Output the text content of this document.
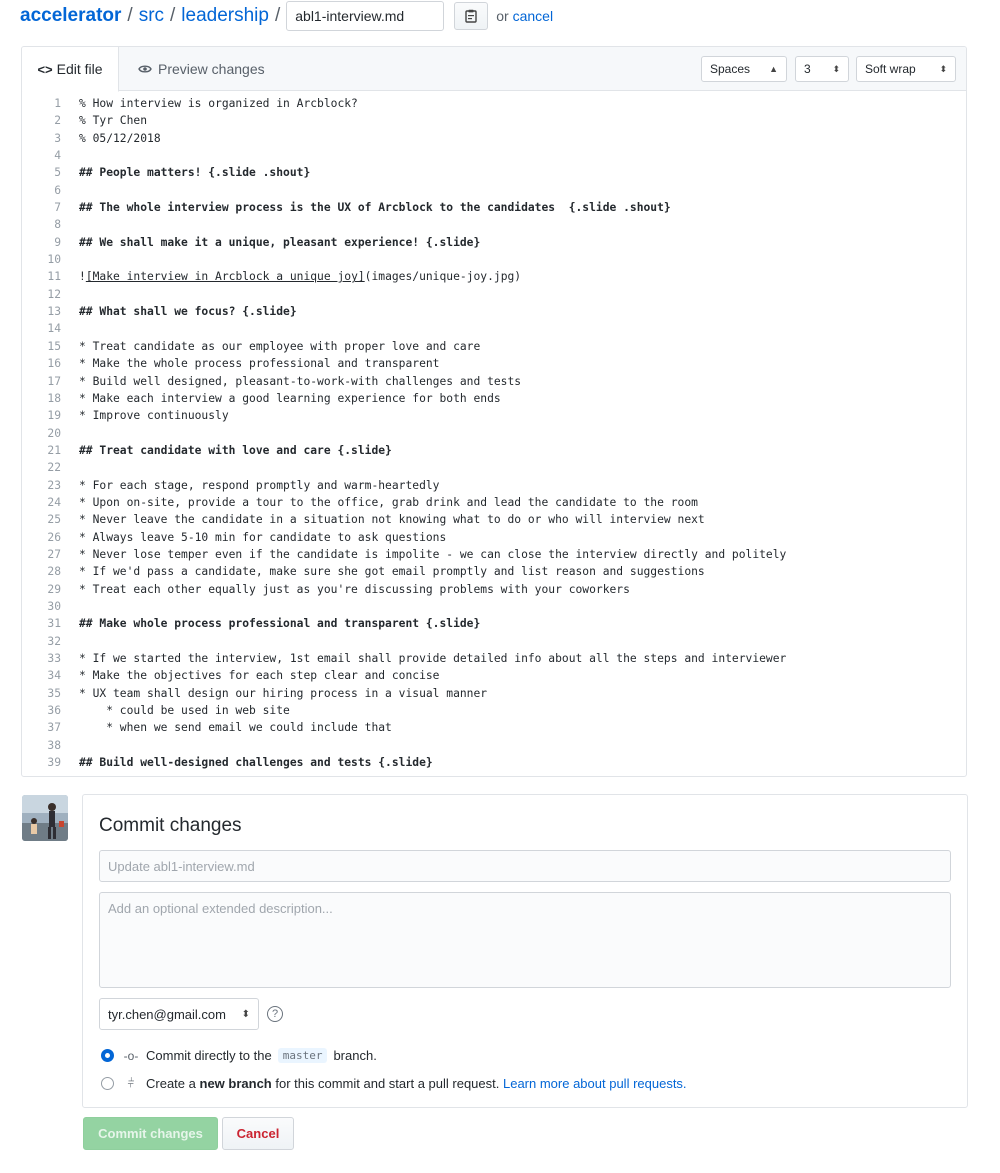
accelerator / src / leadership /
abl1-interview.md	or cancel
<> Edit file	Preview changes	Spaces ▲ 3 ⬍ Soft wrap	⬍
1	% How interview is organized in Arcblock?
2	% Tyr Chen
3	% 05/12/2018
4
5	## People matters! {.slide .shout}
6
7	## The whole interview process is the UX of Arcblock to the candidates  {.slide .shout}
8
9	## We shall make it a unique, pleasant experience! {.slide}
10
11	![Make interview in Arcblock a unique joy](images/unique-joy.jpg)
12
13	## What shall we focus? {.slide}
14
15	* Treat candidate as our employee with proper love and care
16	* Make the whole process professional and transparent
17	* Build well designed, pleasant-to-work-with challenges and tests
18	* Make each interview a good learning experience for both ends
19	* Improve continuously
20
21	## Treat candidate with love and care {.slide}
22
23	* For each stage, respond promptly and warm-heartedly
24	* Upon on-site, provide a tour to the office, grab drink and lead the candidate to the room
25	* Never leave the candidate in a situation not knowing what to do or who will interview next
26	* Always leave 5-10 min for candidate to ask questions
27	* Never lose temper even if the candidate is impolite - we can close the interview directly and politely
28	* If we'd pass a candidate, make sure she got email promptly and list reason and suggestions
29	* Treat each other equally just as you're discussing problems with your coworkers
30
31	## Make whole process professional and transparent {.slide}
32
33	* If we started the interview, 1st email shall provide detailed info about all the steps and interviewer
34	* Make the objectives for each step clear and concise
35	* UX team shall design our hiring process in a visual manner
36	* could be used in web site
37	* when we send email we could include that
38
39	## Build well-designed challenges and tests {.slide}
Commit changes
Update abl1-interview.md
Add an optional extended description...
tyr.chen@gmail.com ⬍	?
-o- Commit directly to the	master branch.
⫩ Create a
new branch
for this commit and start a pull request.
Learn more about pull requests.
Commit changes	Cancel
